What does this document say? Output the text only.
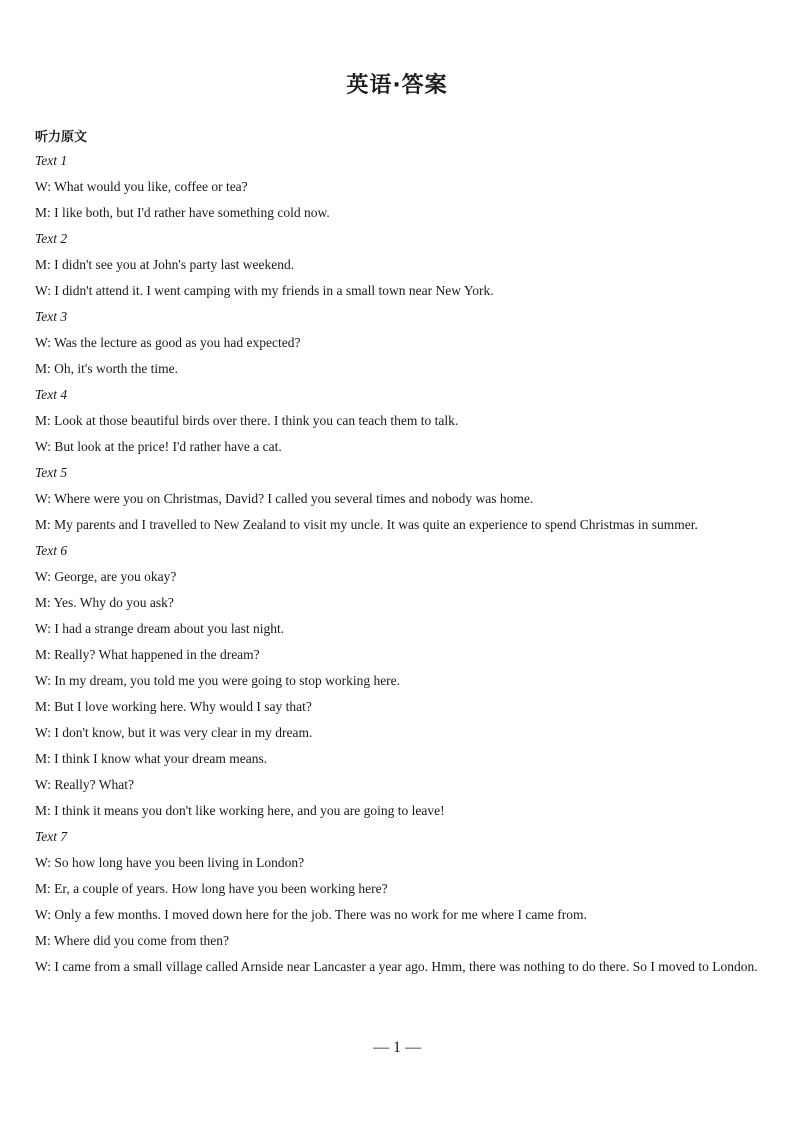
英语·答案
听力原文

Text 1

W: What would you like, coffee or tea?

M: I like both, but I'd rather have something cold now.

Text 2

M: I didn't see you at John's party last weekend.

W: I didn't attend it. I went camping with my friends in a small town near New York.

Text 3

W: Was the lecture as good as you had expected?

M: Oh, it's worth the time.

Text 4

M: Look at those beautiful birds over there. I think you can teach them to talk.

W: But look at the price! I'd rather have a cat.

Text 5

W: Where were you on Christmas, David? I called you several times and nobody was home.

M: My parents and I travelled to New Zealand to visit my uncle. It was quite an experience to spend Christmas in summer.

Text 6

W: George, are you okay?

M: Yes. Why do you ask?

W: I had a strange dream about you last night.

M: Really? What happened in the dream?

W: In my dream, you told me you were going to stop working here.

M: But I love working here. Why would I say that?

W: I don't know, but it was very clear in my dream.

M: I think I know what your dream means.

W: Really? What?

M: I think it means you don't like working here, and you are going to leave!

Text 7

W: So how long have you been living in London?

M: Er, a couple of years. How long have you been working here?

W: Only a few months. I moved down here for the job. There was no work for me where I came from.

M: Where did you come from then?

W: I came from a small village called Arnside near Lancaster a year ago. Hmm, there was nothing to do there. So I moved to London.

— 1 —
